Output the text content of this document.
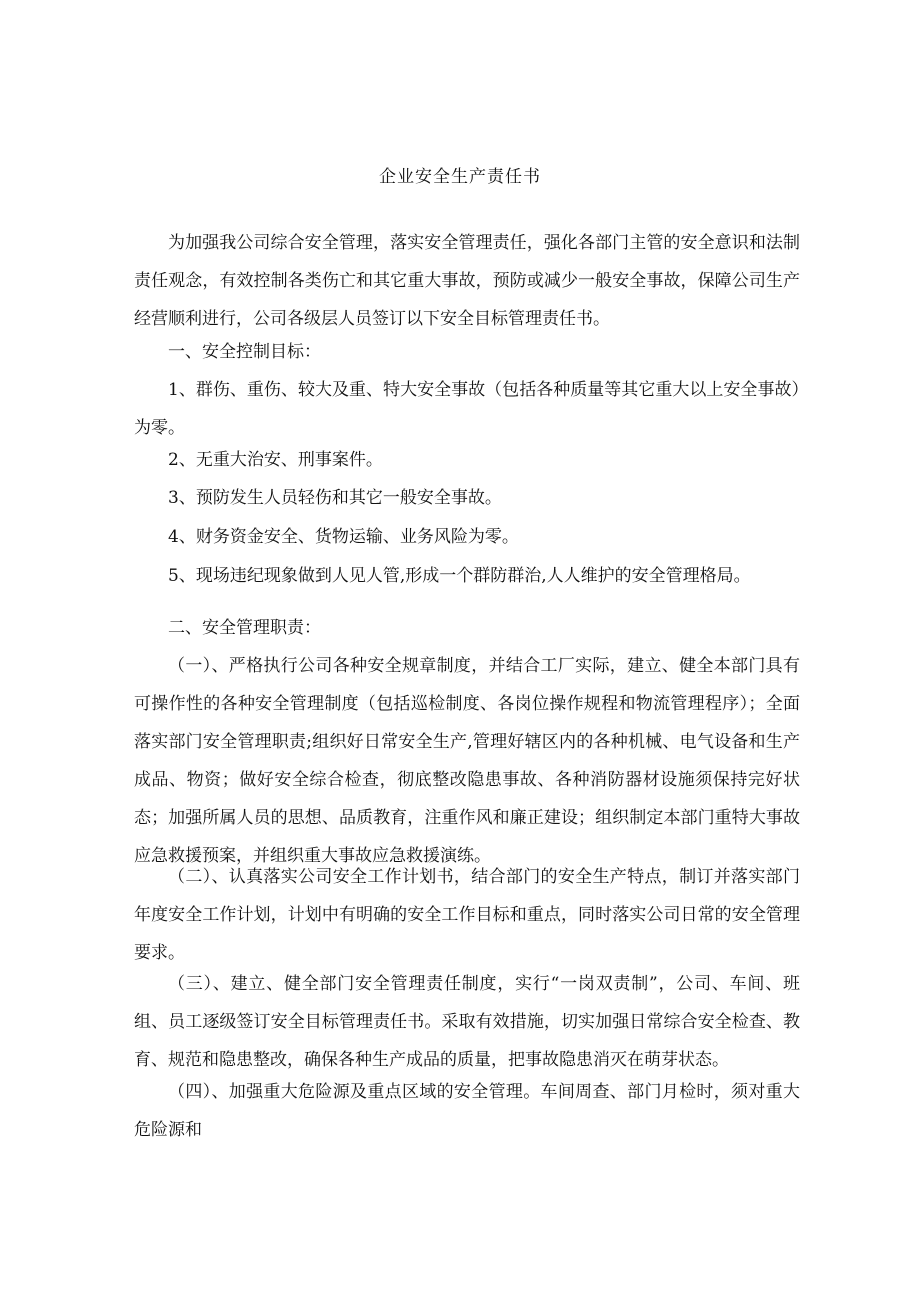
企业安全生产责任书

为加强我公司综合安全管理，落实安全管理责任，强化各部门主管的安全意识和法制责任观念，有效控制各类伤亡和其它重大事故，预防或减少一般安全事故，保障公司生产经营顺利进行，公司各级层人员签订以下安全目标管理责任书。

一、安全控制目标：

1、群伤、重伤、较大及重、特大安全事故（包括各种质量等其它重大以上安全事故）为零。

2、无重大治安、刑事案件。

3、预防发生人员轻伤和其它一般安全事故。

4、财务资金安全、货物运输、业务风险为零。

5、现场违纪现象做到人见人管,形成一个群防群治,人人维护的安全管理格局。

二、安全管理职责：

（一）、严格执行公司各种安全规章制度，并结合工厂实际，建立、健全本部门具有可操作性的各种安全管理制度（包括巡检制度、各岗位操作规程和物流管理程序）；全面落实部门安全管理职责;组织好日常安全生产,管理好辖区内的各种机械、电气设备和生产成品、物资；做好安全综合检查，彻底整改隐患事故、各种消防器材设施须保持完好状态；加强所属人员的思想、品质教育，注重作风和廉正建设；组织制定本部门重特大事故应急救援预案，并组织重大事故应急救援演练。

（二）、认真落实公司安全工作计划书，结合部门的安全生产特点，制订并落实部门年度安全工作计划，计划中有明确的安全工作目标和重点，同时落实公司日常的安全管理要求。

（三）、建立、健全部门安全管理责任制度，实行“一岗双责制”，公司、车间、班组、员工逐级签订安全目标管理责任书。采取有效措施，切实加强日常综合安全检查、教育、规范和隐患整改，确保各种生产成品的质量，把事故隐患消灭在萌芽状态。

（四）、加强重大危险源及重点区域的安全管理。车间周查、部门月检时，须对重大危险源和
